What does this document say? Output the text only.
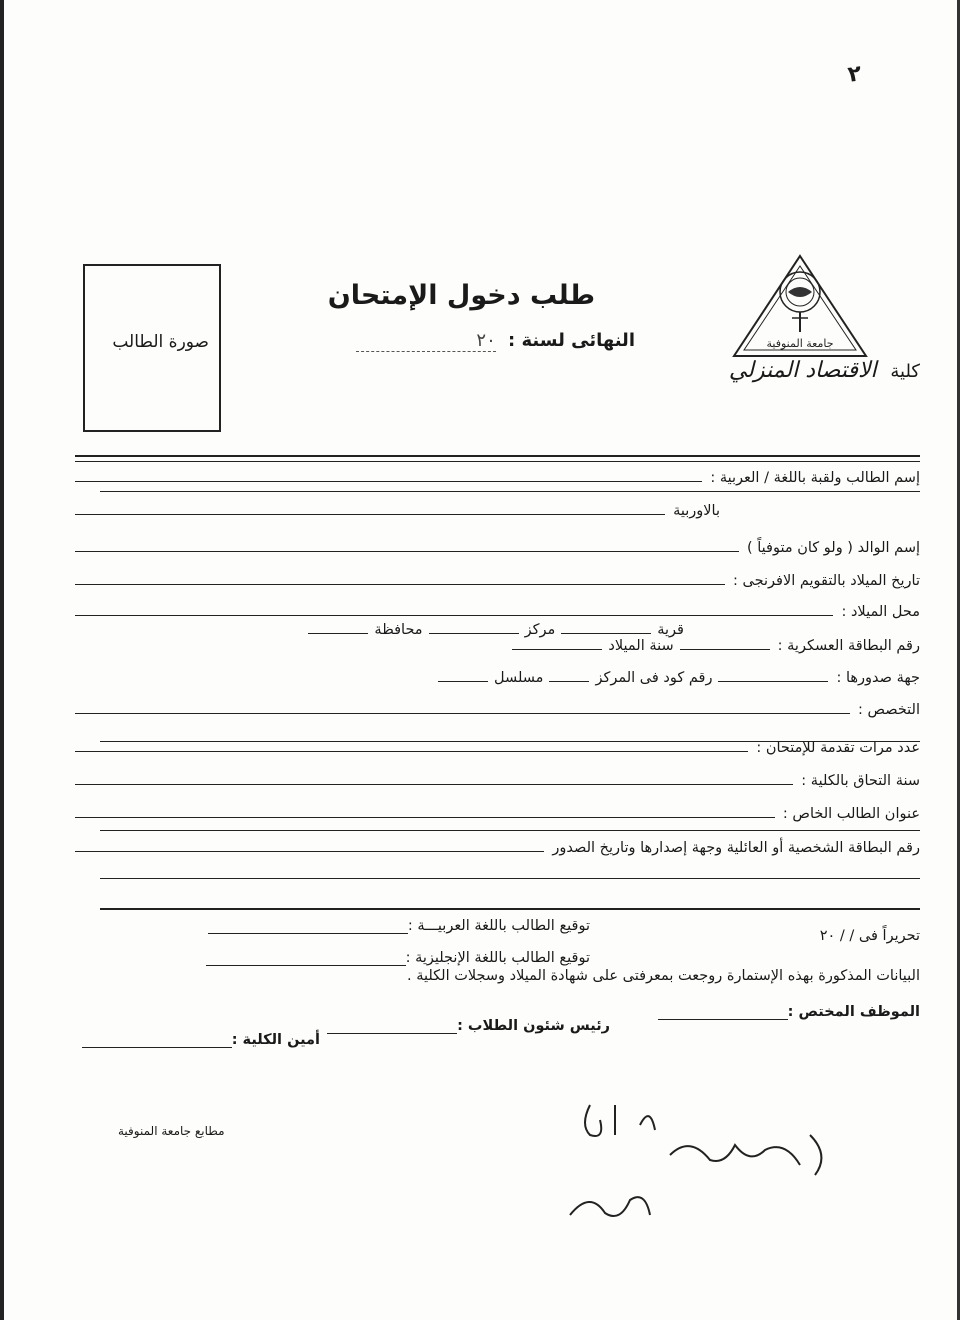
٢
صورة الطالب
طلب دخول الإمتحان
النهائى لسنة : ٢٠	جامعة المنوفية
كلية الاقتصاد المنزلي
إسم الطالب ولقبة باللغة / العربية :
بالاوربية
إسم الوالد ( ولو كان متوفياً )
تاريخ الميلاد بالتقويم الافرنجى :
محل الميلاد :
قرية
مركز
محافظة
رقم البطاقة العسكرية :
سنة الميلاد
جهة صدورها :
رقم كود فى المركز
مسلسل
التخصص :
عدد مرات تقدمة للإمتحان :
سنة التحاق بالكلية :
عنوان الطالب الخاص :
رقم البطاقة الشخصية أو العائلية وجهة إصدارها وتاريخ الصدور
توقيع الطالب باللغة العربيـــة :
تحريراً فى / / ٢٠
توقيع الطالب باللغة الإنجليزية :
البيانات المذكورة بهذه الإستمارة روجعت بمعرفتى على شهادة الميلاد وسجلات الكلية .
الموظف المختص :
رئيس شئون الطلاب :
أمين الكلية :
مطابع جامعة المنوفية
